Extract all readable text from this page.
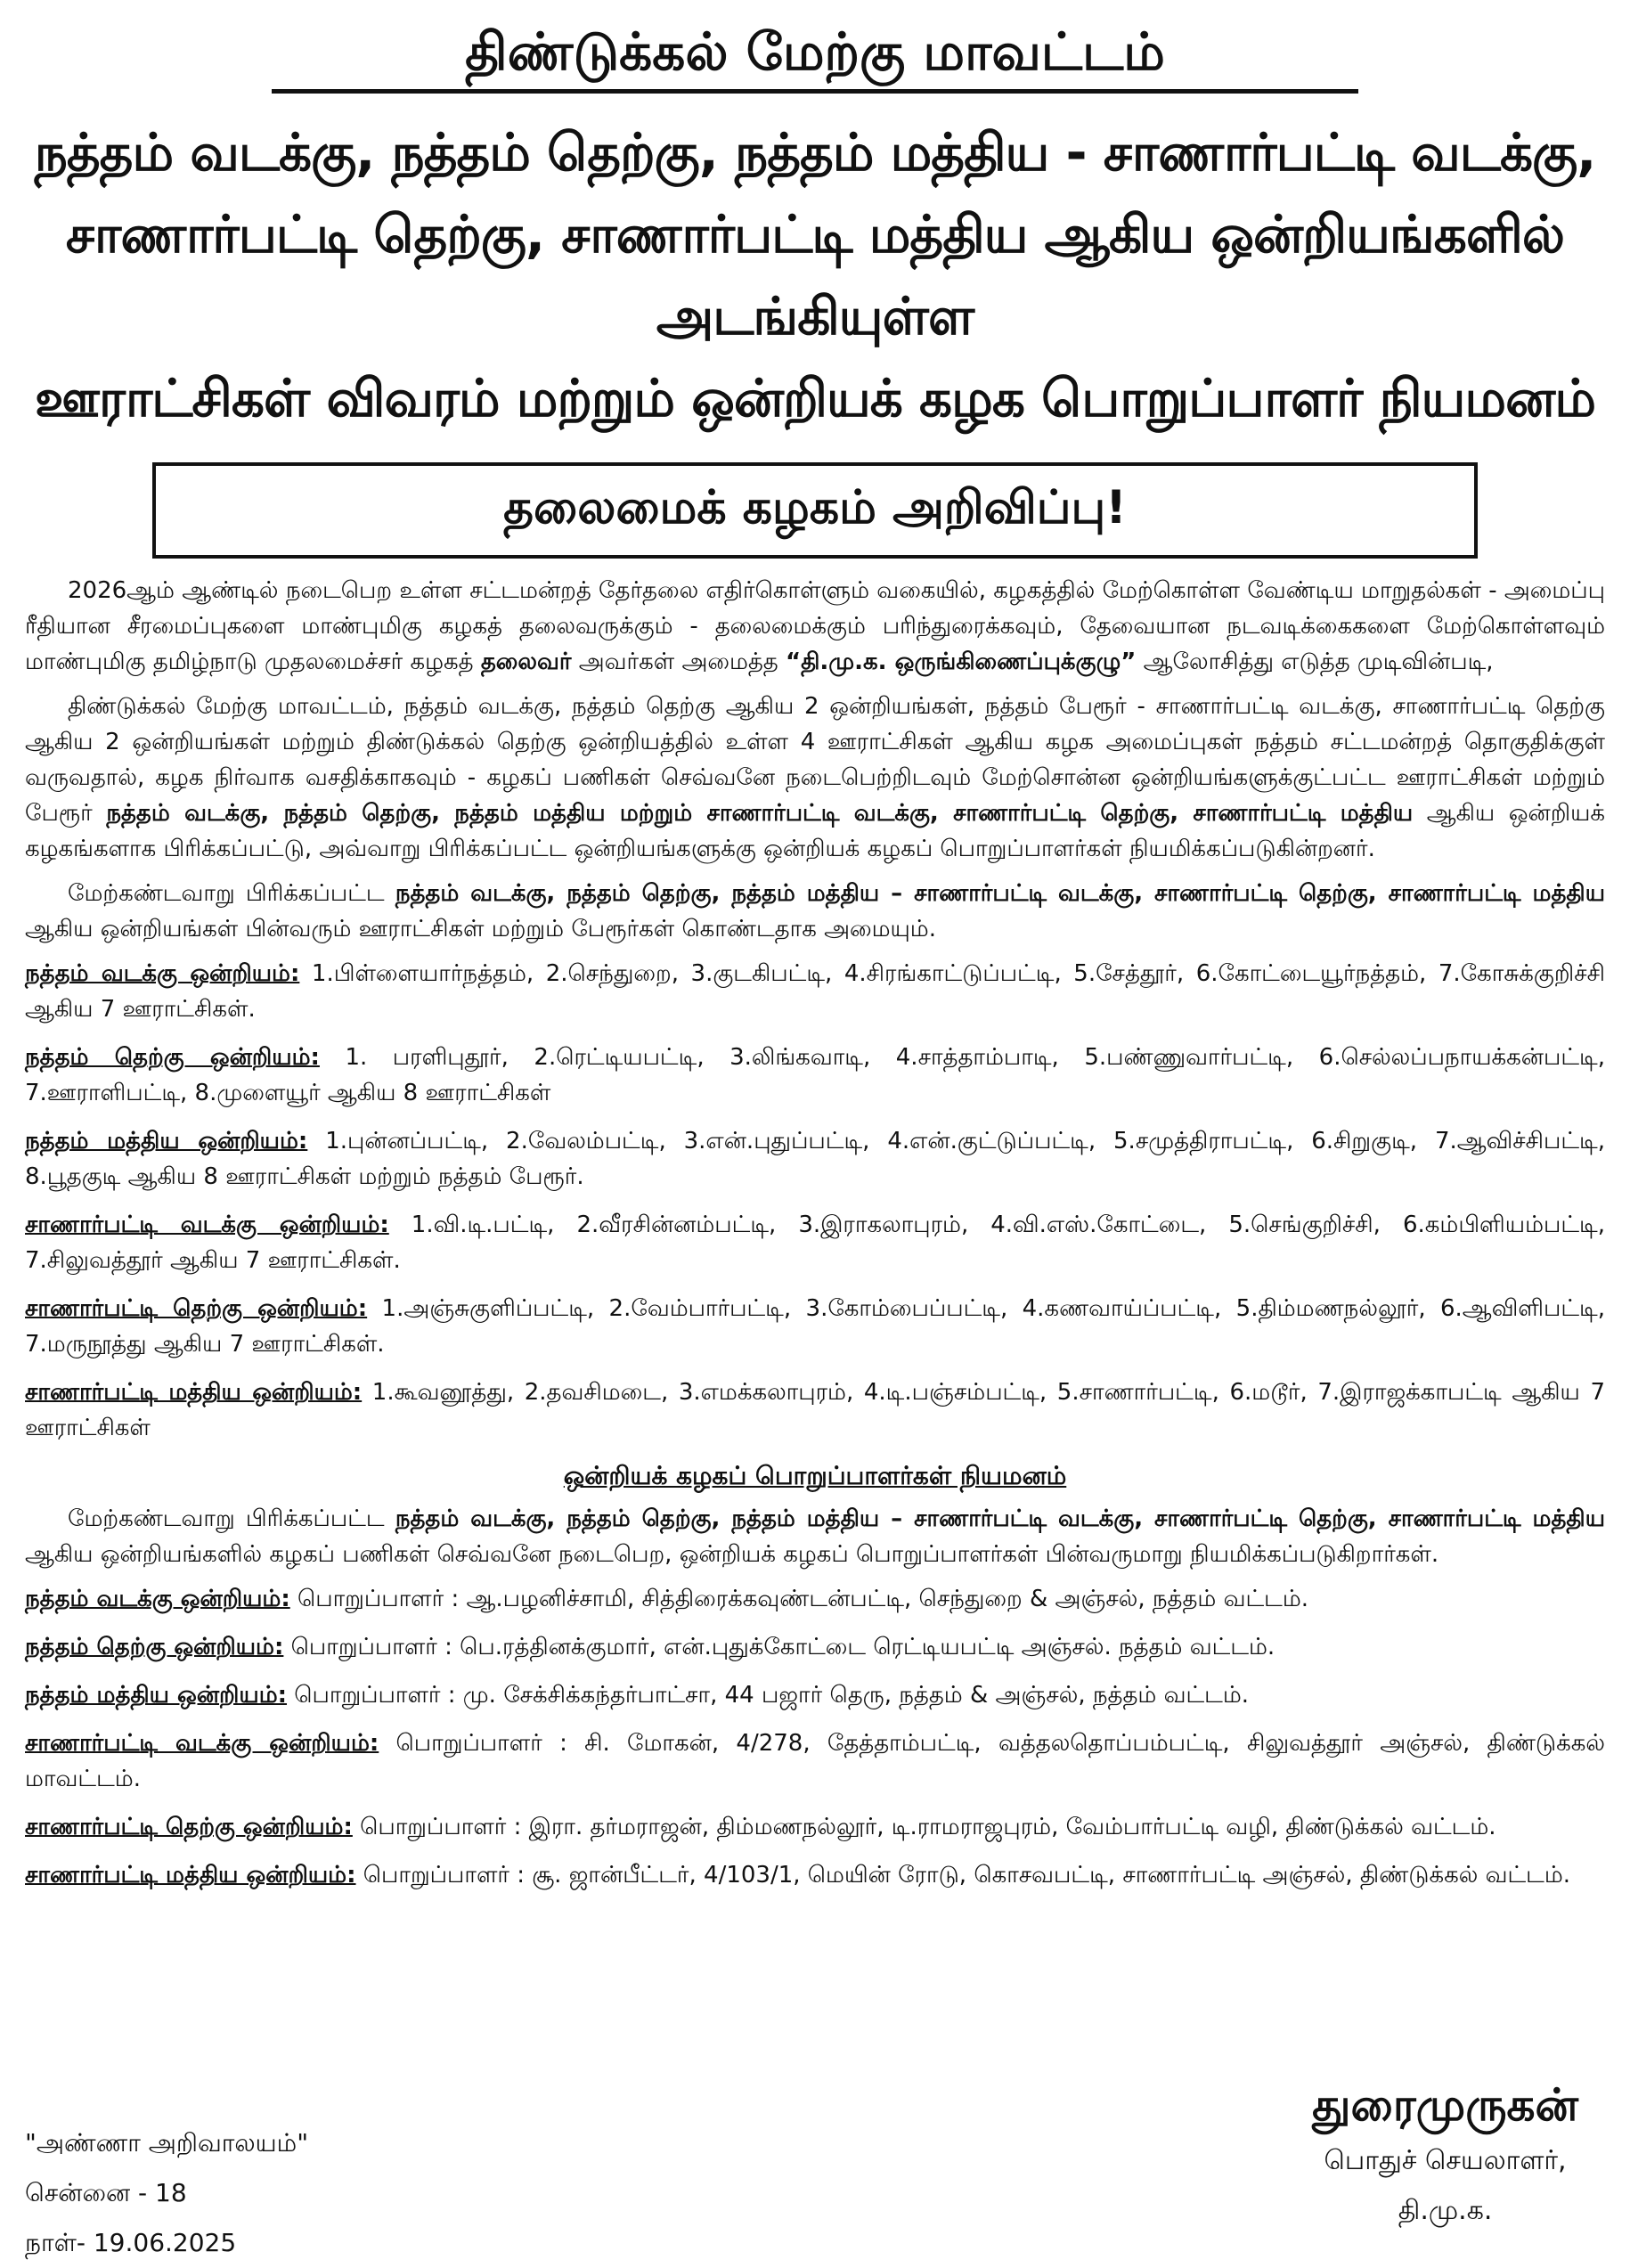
திண்டுக்கல் மேற்கு மாவட்டம்
நத்தம் வடக்கு, நத்தம் தெற்கு, நத்தம் மத்திய - சாணார்பட்டி வடக்கு,
சாணார்பட்டி தெற்கு, சாணார்பட்டி மத்திய ஆகிய ஒன்றியங்களில் அடங்கியுள்ள
ஊராட்சிகள் விவரம் மற்றும் ஒன்றியக் கழக பொறுப்பாளர் நியமனம்
தலைமைக் கழகம் அறிவிப்பு!

2026ஆம் ஆண்டில் நடைபெற உள்ள சட்டமன்றத் தேர்தலை எதிர்கொள்ளும் வகையில், கழகத்தில் மேற்கொள்ள வேண்டிய மாறுதல்கள் - அமைப்பு ரீதியான சீரமைப்புகளை மாண்புமிகு கழகத் தலைவருக்கும் - தலைமைக்கும் பரிந்துரைக்கவும், தேவையான நடவடிக்கைகளை மேற்கொள்ளவும் மாண்புமிகு தமிழ்நாடு முதலமைச்சர் கழகத் தலைவர் அவர்கள் அமைத்த “தி.மு.க. ஒருங்கிணைப்புக்குழு” ஆலோசித்து எடுத்த முடிவின்படி,

திண்டுக்கல் மேற்கு மாவட்டம், நத்தம் வடக்கு, நத்தம் தெற்கு ஆகிய 2 ஒன்றியங்கள், நத்தம் பேரூர் - சாணார்பட்டி வடக்கு, சாணார்பட்டி தெற்கு ஆகிய 2 ஒன்றியங்கள் மற்றும் திண்டுக்கல் தெற்கு ஒன்றியத்தில் உள்ள 4 ஊராட்சிகள் ஆகிய கழக அமைப்புகள் நத்தம் சட்டமன்றத் தொகுதிக்குள் வருவதால், கழக நிர்வாக வசதிக்காகவும் - கழகப் பணிகள் செவ்வனே நடைபெற்றிடவும் மேற்சொன்ன ஒன்றியங்களுக்குட்பட்ட ஊராட்சிகள் மற்றும் பேரூர் நத்தம் வடக்கு, நத்தம் தெற்கு, நத்தம் மத்திய மற்றும் சாணார்பட்டி வடக்கு, சாணார்பட்டி தெற்கு, சாணார்பட்டி மத்திய ஆகிய ஒன்றியக் கழகங்களாக பிரிக்கப்பட்டு, அவ்வாறு பிரிக்கப்பட்ட ஒன்றியங்களுக்கு ஒன்றியக் கழகப் பொறுப்பாளர்கள் நியமிக்கப்படுகின்றனர்.

மேற்கண்டவாறு பிரிக்கப்பட்ட நத்தம் வடக்கு, நத்தம் தெற்கு, நத்தம் மத்திய – சாணார்பட்டி வடக்கு, சாணார்பட்டி தெற்கு, சாணார்பட்டி மத்திய ஆகிய ஒன்றியங்கள் பின்வரும் ஊராட்சிகள் மற்றும் பேரூர்கள் கொண்டதாக அமையும்.

நத்தம் வடக்கு ஒன்றியம்: 1.பிள்ளையார்நத்தம், 2.செந்துறை, 3.குடகிபட்டி, 4.சிரங்காட்டுப்பட்டி, 5.சேத்தூர், 6.கோட்டையூர்நத்தம், 7.கோசுக்குறிச்சி ஆகிய 7 ஊராட்சிகள்.
நத்தம் தெற்கு ஒன்றியம்: 1. பரளிபுதூர், 2.ரெட்டியபட்டி, 3.லிங்கவாடி, 4.சாத்தாம்பாடி, 5.பண்ணுவார்பட்டி, 6.செல்லப்பநாயக்கன்பட்டி, 7.ஊராளிபட்டி, 8.முளையூர் ஆகிய 8 ஊராட்சிகள்
நத்தம் மத்திய ஒன்றியம்: 1.புன்னப்பட்டி, 2.வேலம்பட்டி, 3.என்.புதுப்பட்டி, 4.என்.குட்டுப்பட்டி, 5.சமுத்திராபட்டி, 6.சிறுகுடி, 7.ஆவிச்சிபட்டி, 8.பூதகுடி ஆகிய 8 ஊராட்சிகள் மற்றும் நத்தம் பேரூர்.
சாணார்பட்டி வடக்கு ஒன்றியம்: 1.வி.டி.பட்டி, 2.வீரசின்னம்பட்டி, 3.இராகலாபுரம், 4.வி.எஸ்.கோட்டை, 5.செங்குறிச்சி, 6.கம்பிளியம்பட்டி, 7.சிலுவத்தூர் ஆகிய 7 ஊராட்சிகள்.
சாணார்பட்டி தெற்கு ஒன்றியம்: 1.அஞ்சுகுளிப்பட்டி, 2.வேம்பார்பட்டி, 3.கோம்பைப்பட்டி, 4.கணவாய்ப்பட்டி, 5.திம்மணநல்லூர், 6.ஆவிளிபட்டி, 7.மருநூத்து ஆகிய 7 ஊராட்சிகள்.
சாணார்பட்டி மத்திய ஒன்றியம்: 1.கூவனூத்து, 2.தவசிமடை, 3.எமக்கலாபுரம், 4.டி.பஞ்சம்பட்டி, 5.சாணார்பட்டி, 6.மடூர், 7.இராஜக்காபட்டி ஆகிய 7 ஊராட்சிகள்
ஒன்றியக் கழகப் பொறுப்பாளர்கள் நியமனம்

மேற்கண்டவாறு பிரிக்கப்பட்ட நத்தம் வடக்கு, நத்தம் தெற்கு, நத்தம் மத்திய – சாணார்பட்டி வடக்கு, சாணார்பட்டி தெற்கு, சாணார்பட்டி மத்திய ஆகிய ஒன்றியங்களில் கழகப் பணிகள் செவ்வனே நடைபெற, ஒன்றியக் கழகப் பொறுப்பாளர்கள் பின்வருமாறு நியமிக்கப்படுகிறார்கள்.

நத்தம் வடக்கு ஒன்றியம்: பொறுப்பாளர் : ஆ.பழனிச்சாமி, சித்திரைக்கவுண்டன்பட்டி, செந்துறை & அஞ்சல், நத்தம் வட்டம்.
நத்தம் தெற்கு ஒன்றியம்: பொறுப்பாளர் : பெ.ரத்தினக்குமார், என்.புதுக்கோட்டை ரெட்டியபட்டி அஞ்சல். நத்தம் வட்டம்.
நத்தம் மத்திய ஒன்றியம்: பொறுப்பாளர் : மு. சேக்சிக்கந்தர்பாட்சா, 44 பஜார் தெரு, நத்தம் & அஞ்சல், நத்தம் வட்டம்.
சாணார்பட்டி வடக்கு ஒன்றியம்: பொறுப்பாளர் : சி. மோகன், 4/278, தேத்தாம்பட்டி, வத்தலதொப்பம்பட்டி, சிலுவத்தூர் அஞ்சல், திண்டுக்கல் மாவட்டம்.
சாணார்பட்டி தெற்கு ஒன்றியம்: பொறுப்பாளர் : இரா. தர்மராஜன், திம்மணநல்லூர், டி.ராமராஜபுரம், வேம்பார்பட்டி வழி, திண்டுக்கல் வட்டம்.
சாணார்பட்டி மத்திய ஒன்றியம்: பொறுப்பாளர் : சூ. ஜான்பீட்டர், 4/103/1, மெயின் ரோடு, கொசவபட்டி, சாணார்பட்டி அஞ்சல், திண்டுக்கல் வட்டம்.
"அண்ணா அறிவாலயம்"
சென்னை - 18
நாள்- 19.06.2025
துரைமுருகன்
பொதுச் செயலாளர்,
தி.மு.க.
